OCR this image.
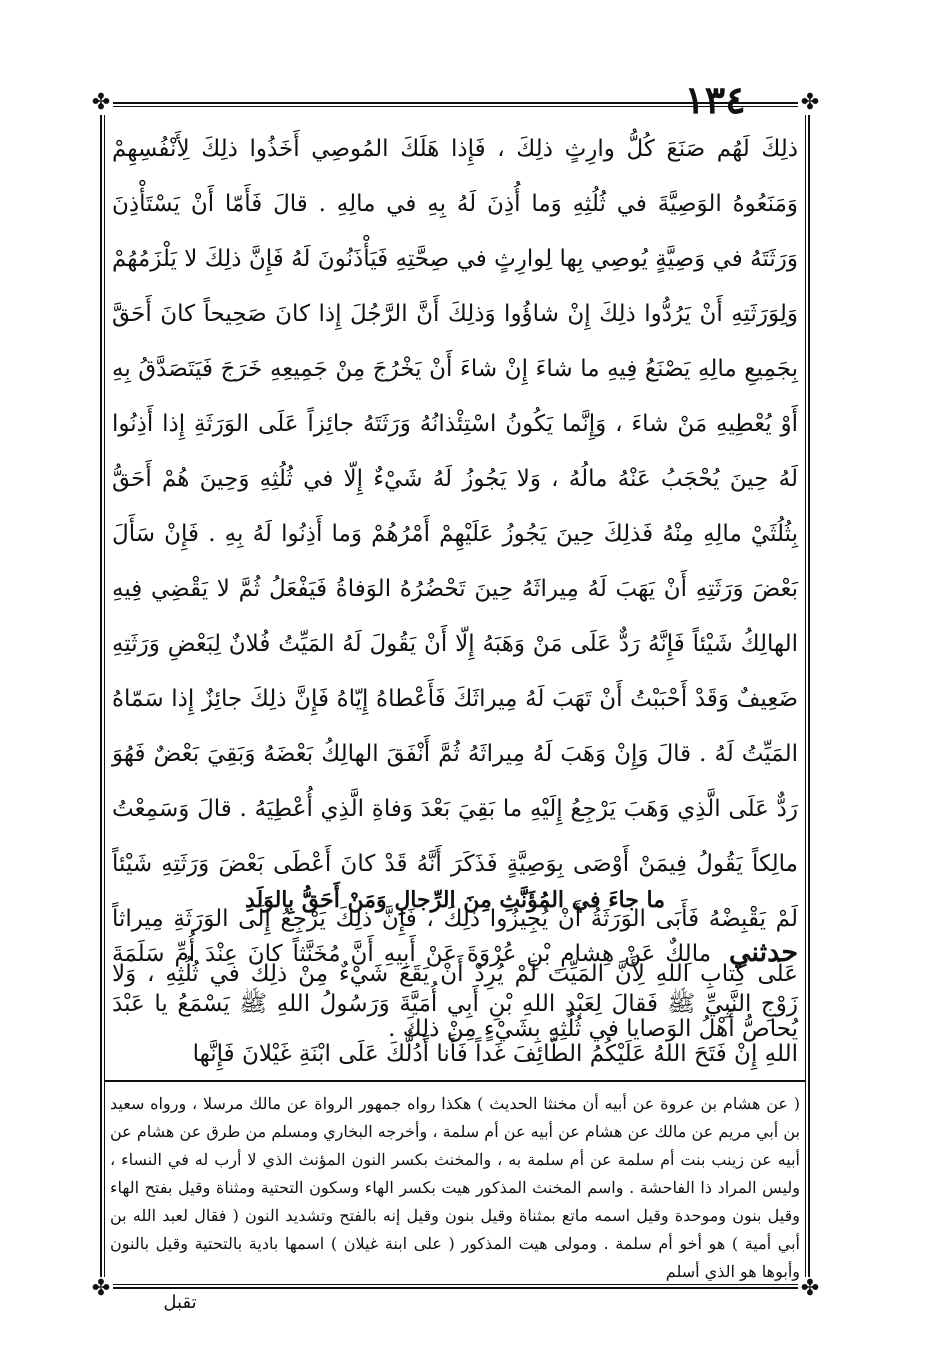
١٣٤
✤	✤
✤	✤

ذلِكَ لَهُم صَنَعَ كُلُّ وارِثٍ ذلِكَ ، فَإِذا هَلَكَ المُوصِي أَخَذُوا ذلِكَ لِأَنْفُسِهِمْ وَمَنَعُوهُ الوَصِيَّةَ في ثُلُثِهِ وَما أُذِنَ لَهُ بِهِ في مالِهِ . قالَ فَأَمّا أَنْ يَسْتَأْذِنَ وَرَثَتَهُ في وَصِيَّةٍ يُوصِي بِها لِوارِثٍ في صِحَّتِهِ فَيَأْذَنُونَ لَهُ فَإِنَّ ذلِكَ لا يَلْزَمُهُمْ وَلِوَرَثَتِهِ أَنْ يَرُدُّوا ذلِكَ إِنْ شاؤُوا وَذلِكَ أَنَّ الرَّجُلَ إِذا كانَ صَحِيحاً كانَ أَحَقَّ بِجَمِيعِ مالِهِ يَصْنَعُ فِيهِ ما شاءَ إِنْ شاءَ أَنْ يَخْرُجَ مِنْ جَمِيعِهِ خَرَجَ فَيَتَصَدَّقُ بِهِ أَوْ يُعْطِيهِ مَنْ شاءَ ، وَإِنَّما يَكُونُ اسْتِئْذانُهُ وَرَثَتَهُ جائِزاً عَلَى الوَرَثَةِ إِذا أَذِنُوا لَهُ حِينَ يُحْجَبُ عَنْهُ مالُهُ ، وَلا يَجُوزُ لَهُ شَيْءٌ إِلّا في ثُلُثِهِ وَحِينَ هُمْ أَحَقُّ بِثُلُثَيْ مالِهِ مِنْهُ فَذلِكَ حِينَ يَجُوزُ عَلَيْهِمْ أَمْرُهُمْ وَما أَذِنُوا لَهُ بِهِ . فَإِنْ سَأَلَ بَعْضَ وَرَثَتِهِ أَنْ يَهَبَ لَهُ مِيراثَهُ حِينَ تَحْضُرُهُ الوَفاةُ فَيَفْعَلُ ثُمَّ لا يَقْضِي فِيهِ الهالِكُ شَيْئاً فَإِنَّهُ رَدٌّ عَلَى مَنْ وَهَبَهُ إِلّا أَنْ يَقُولَ لَهُ المَيِّتُ فُلانٌ لِبَعْضِ وَرَثَتِهِ ضَعِيفٌ وَقَدْ أَحْبَبْتُ أَنْ تَهَبَ لَهُ مِيراثَكَ فَأَعْطاهُ إِيّاهُ فَإِنَّ ذلِكَ جائِزٌ إِذا سَمّاهُ المَيِّتُ لَهُ . قالَ وَإِنْ وَهَبَ لَهُ مِيراثَهُ ثُمَّ أَنْفَقَ الهالِكُ بَعْضَهُ وَبَقِيَ بَعْضٌ فَهُوَ رَدٌّ عَلَى الَّذِي وَهَبَ يَرْجِعُ إِلَيْهِ ما بَقِيَ بَعْدَ وَفاةِ الَّذِي أُعْطِيَهُ . قالَ وَسَمِعْتُ مالِكاً يَقُولُ فِيمَنْ أَوْصَى بِوَصِيَّةٍ فَذَكَرَ أَنَّهُ قَدْ كانَ أَعْطَى بَعْضَ وَرَثَتِهِ شَيْئاً لَمْ يَقْبِضْهُ فَأَبَى الوَرَثَةُ أَنْ يُجِيزُوا ذلِكَ ، فَإِنَّ ذلِكَ يَرْجِعُ إِلَى الوَرَثَةِ مِيراثاً عَلَى كِتابِ اللهِ لِأَنَّ المَيِّتَ لَمْ يُرِدْ أَنْ يَقَعَ شَيْءٌ مِنْ ذلِكَ في ثُلُثِهِ ، وَلا يُحاصُّ أَهْلُ الوَصايا في ثُلُثِهِ بِشَيْءٍ مِنْ ذلِكَ .

ما جاءَ في المُؤَنَّثِ مِنَ الرِّجالِ وَمَنْ أَحَقُّ بِالوَلَدِ
حدثني مالِكٌ عَنْ هِشامِ بْنِ عُرْوَةَ عَنْ أَبِيهِ أَنَّ مُخَنَّثاً كانَ عِنْدَ أُمِّ سَلَمَةَ زَوْجِ النَّبِيِّ ﷺ فَقالَ لِعَبْدِ اللهِ بْنِ أَبِي أُمَيَّةَ وَرَسُولُ اللهِ ﷺ يَسْمَعُ يا عَبْدَ اللهِ إِنْ فَتَحَ اللهُ عَلَيْكُمُ الطّائِفَ غَداً فَأَنا أَدُلُّكَ عَلَى ابْنَةِ غَيْلانَ فَإِنَّها
( عن هشام بن عروة عن أبيه أن مخنثا الحديث ) هكذا رواه جمهور الرواة عن مالك مرسلا ، ورواه سعيد بن أبي مريم عن مالك عن هشام عن أبيه عن أم سلمة ، وأخرجه البخاري ومسلم من طرق عن هشام عن أبيه عن زينب بنت أم سلمة عن أم سلمة به ، والمخنث بكسر النون المؤنث الذي لا أرب له في النساء ، وليس المراد ذا الفاحشة . واسم المخنث المذكور هيت بكسر الهاء وسكون التحتية ومثناة وقيل بفتح الهاء وقيل بنون وموحدة وقيل اسمه ماتع بمثناة وقيل بنون وقيل إنه بالفتح وتشديد النون ( فقال لعبد الله بن أبي أمية ) هو أخو أم سلمة . ومولى هيت المذكور ( على ابنة غيلان ) اسمها بادية بالتحتية وقيل بالنون وأبوها هو الذي أسلم
تقبل
